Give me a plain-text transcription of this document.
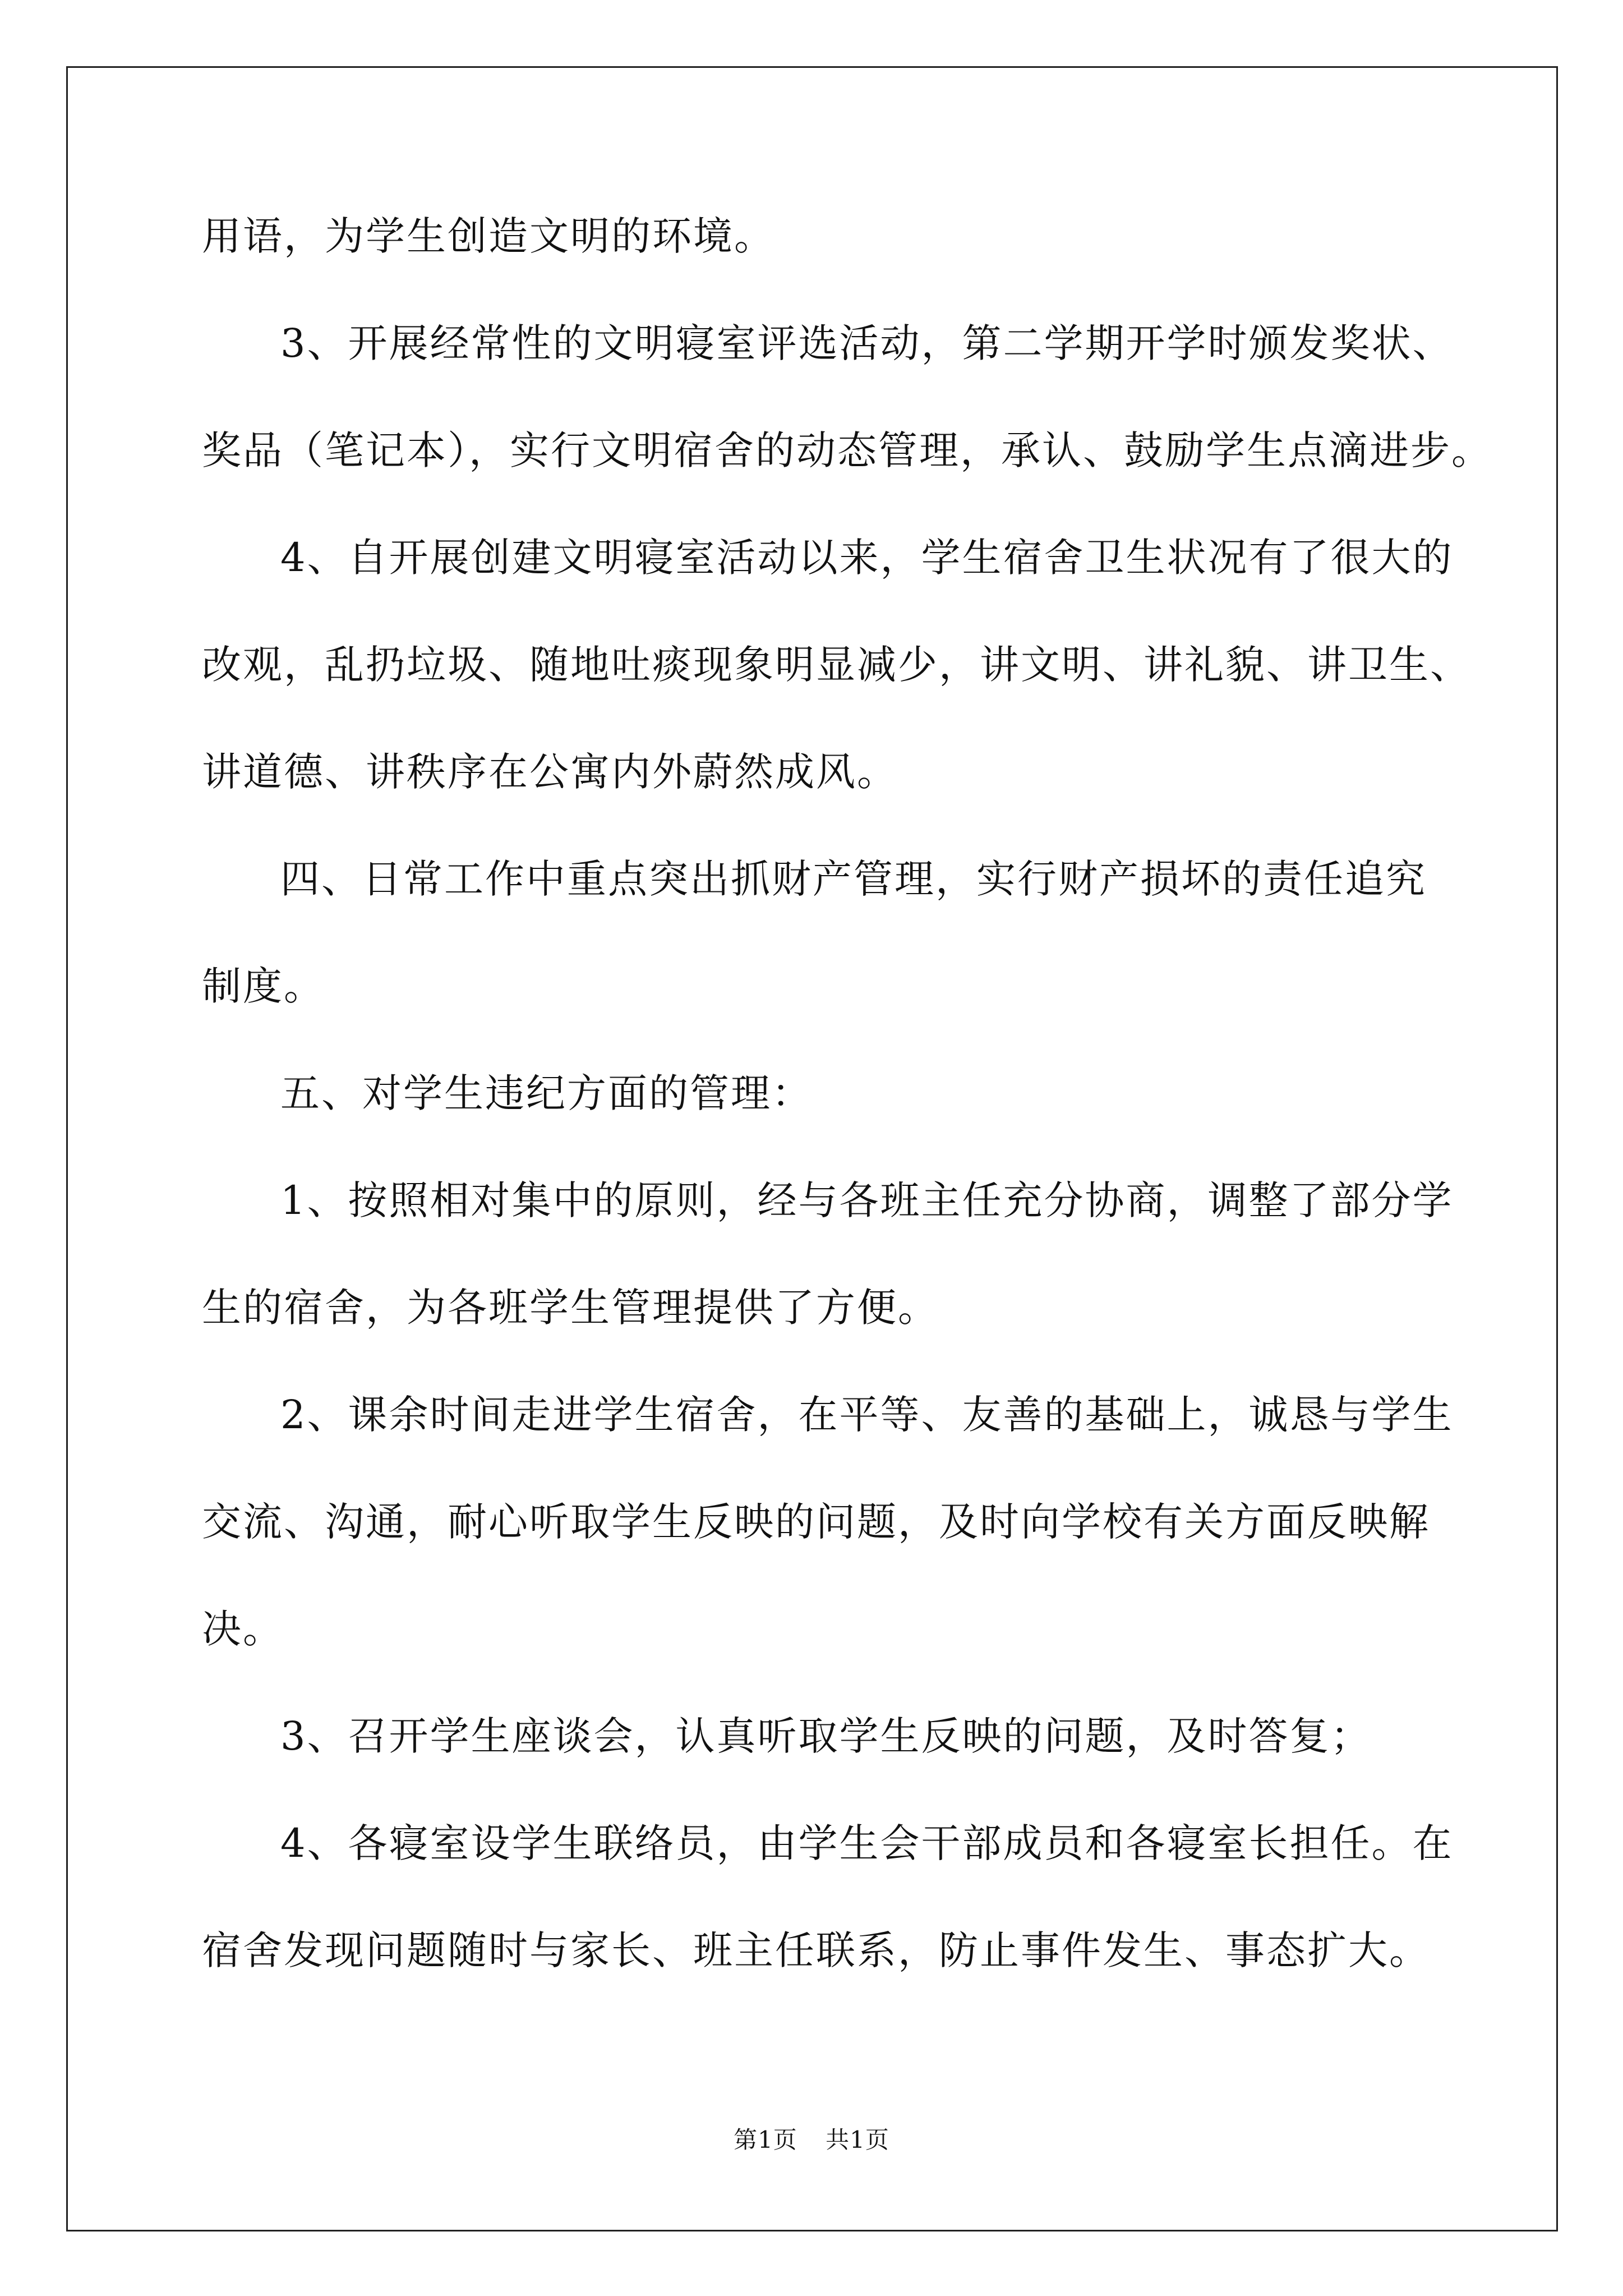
用语，为学生创造文明的环境。

3、开展经常性的文明寝室评选活动，第二学期开学时颁发奖状、

奖品（笔记本），实行文明宿舍的动态管理，承认、鼓励学生点滴进步。

4、自开展创建文明寝室活动以来，学生宿舍卫生状况有了很大的

改观，乱扔垃圾、随地吐痰现象明显减少，讲文明、讲礼貌、讲卫生、

讲道德、讲秩序在公寓内外蔚然成风。

四、日常工作中重点突出抓财产管理，实行财产损坏的责任追究

制度。

五、对学生违纪方面的管理：

1、按照相对集中的原则，经与各班主任充分协商，调整了部分学

生的宿舍，为各班学生管理提供了方便。

2、课余时间走进学生宿舍，在平等、友善的基础上，诚恳与学生

交流、沟通，耐心听取学生反映的问题，及时向学校有关方面反映解

决。

3、召开学生座谈会，认真听取学生反映的问题，及时答复；

4、各寝室设学生联络员，由学生会干部成员和各寝室长担任。在

宿舍发现问题随时与家长、班主任联系，防止事件发生、事态扩大。

第1页 共1页
